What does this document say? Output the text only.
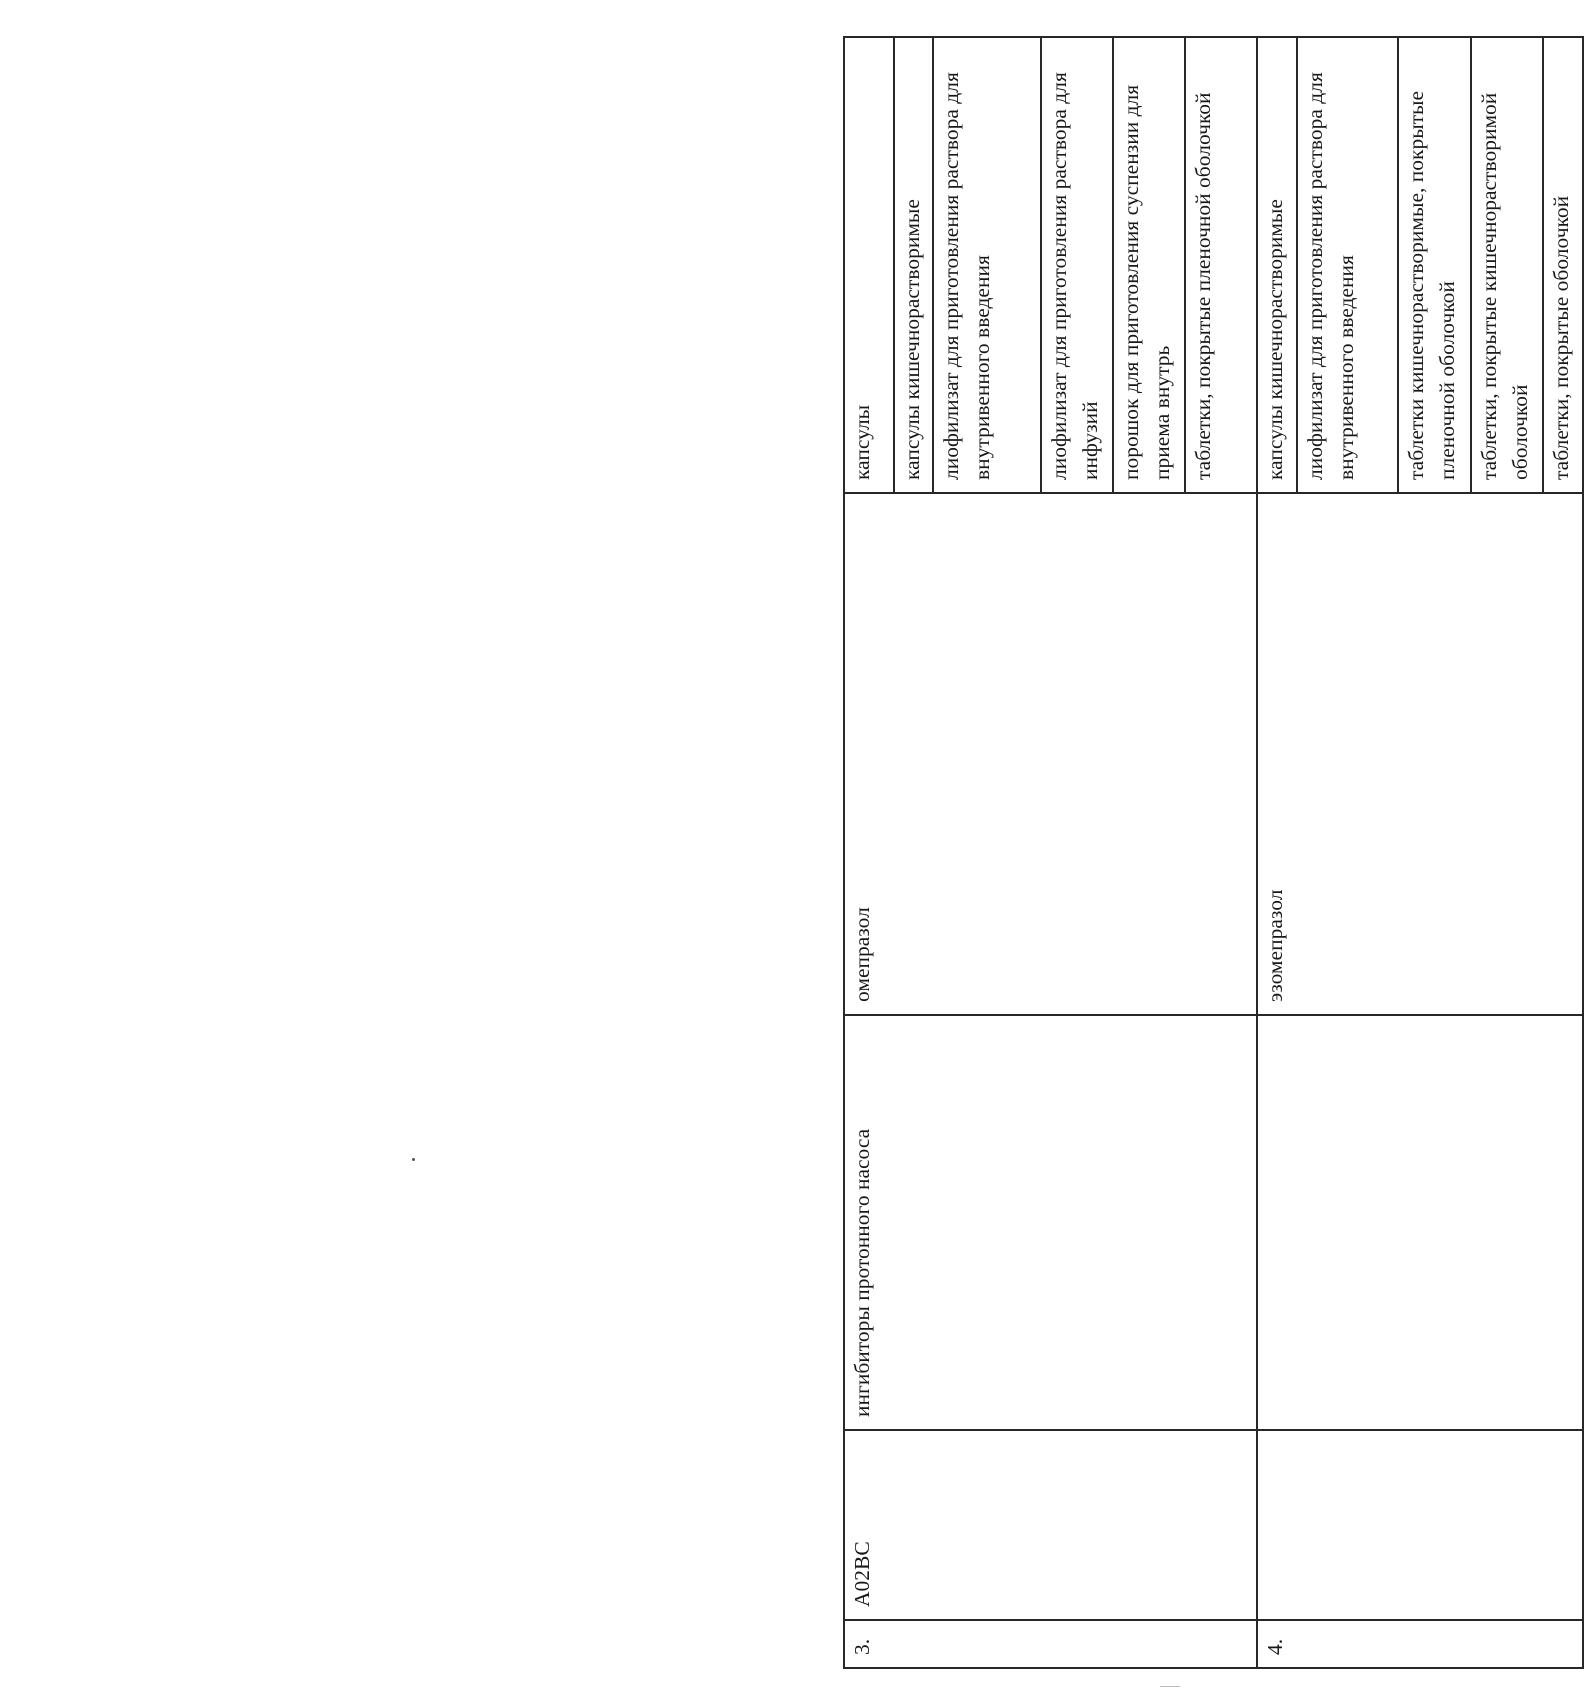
3.	A02BC	ингибиторы протонного насоса	омепразол	капсулы
				капсулы кишечнорастворимые
				лиофилизат для приготовления раствора для внутривенного введения
				лиофилизат для приготовления раствора для инфузий
				порошок для приготовления суспензии для приема внутрь
				таблетки, покрытые пленочной оболочкой
4.			эзомепразол	капсулы кишечнорастворимые
				лиофилизат для приготовления раствора для внутривенного введения
				таблетки кишечнорастворимые, покрытые пленочной оболочкой
				таблетки, покрытые кишечнорастворимой оболочкой
				таблетки, покрытые оболочкой
